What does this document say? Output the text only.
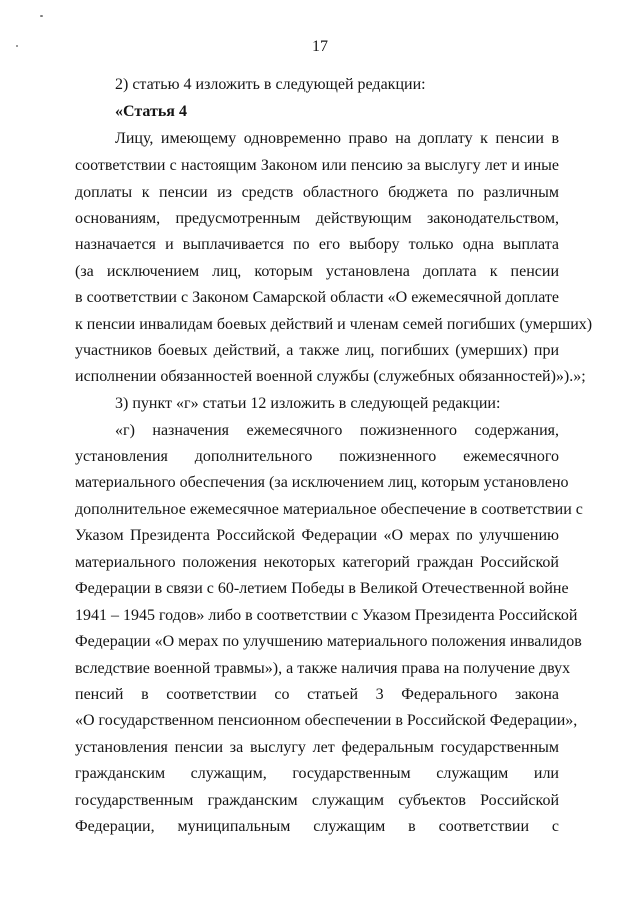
17
2) статью 4 изложить в следующей редакции:
«Статья 4
Лицу, имеющему одновременно право на доплату к пенсии в
соответствии с настоящим Законом или пенсию за выслугу лет и иные
доплаты к пенсии из средств областного бюджета по различным
основаниям, предусмотренным действующим законодательством,
назначается и выплачивается по его выбору только одна выплата
(за исключением лиц, которым установлена доплата к пенсии
в соответствии с Законом Самарской области «О ежемесячной доплате
к пенсии инвалидам боевых действий и членам семей погибших (умерших)
участников боевых действий, а также лиц, погибших (умерших) при
исполнении обязанностей военной службы (служебных обязанностей)»).»;
3) пункт «г» статьи 12 изложить в следующей редакции:
«г) назначения ежемесячного пожизненного содержания,
установления дополнительного пожизненного ежемесячного
материального обеспечения (за исключением лиц, которым установлено
дополнительное ежемесячное материальное обеспечение в соответствии с
Указом Президента Российской Федерации «О мерах по улучшению
материального положения некоторых категорий граждан Российской
Федерации в связи с 60-летием Победы в Великой Отечественной войне
1941 – 1945 годов» либо в соответствии с Указом Президента Российской
Федерации «О мерах по улучшению материального положения инвалидов
вследствие военной травмы»), а также наличия права на получение двух
пенсий в соответствии со статьей 3 Федерального закона
«О государственном пенсионном обеспечении в Российской Федерации»,
установления пенсии за выслугу лет федеральным государственным
гражданским служащим, государственным служащим или
государственным гражданским служащим субъектов Российской
Федерации, муниципальным служащим в соответствии с
